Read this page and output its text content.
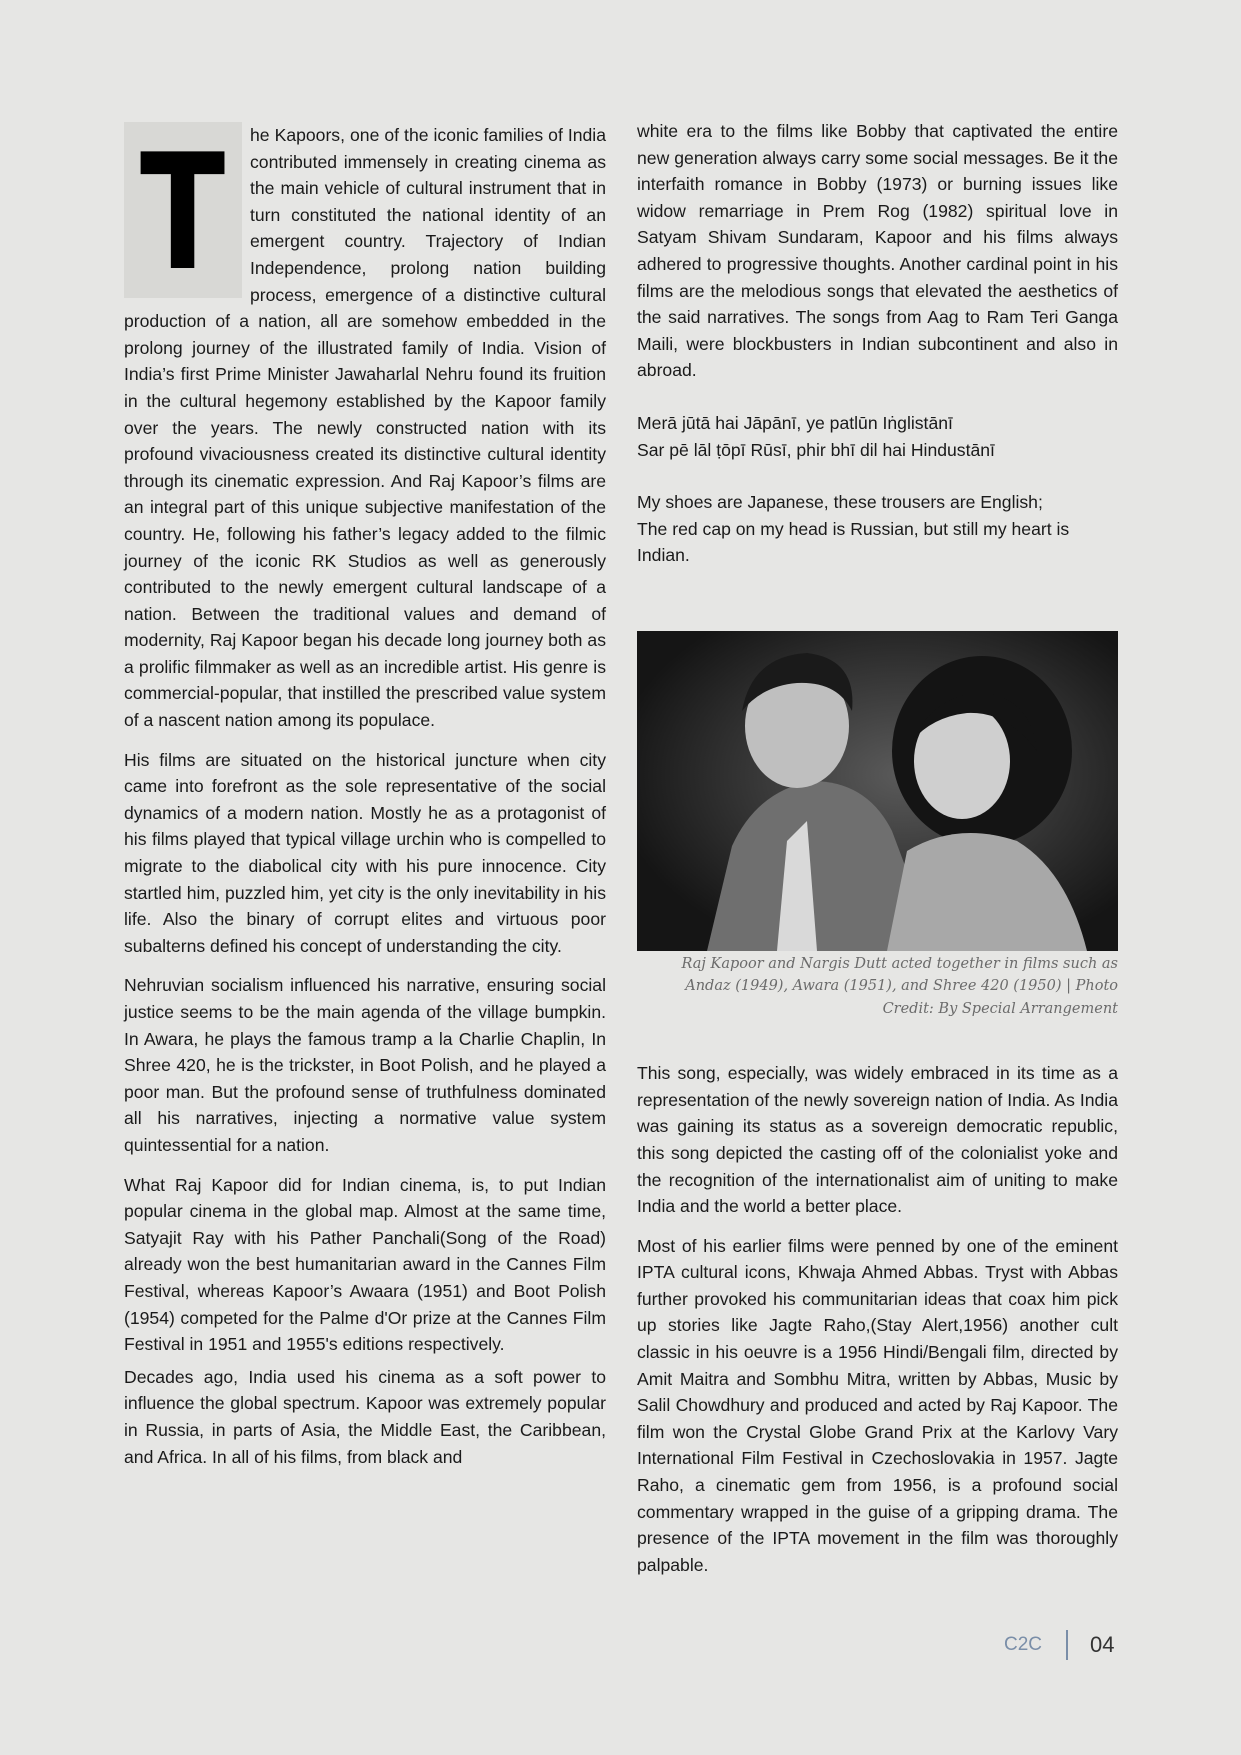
T	he Kapoors, one of the iconic families of India contributed immensely in creating cinema as the main vehicle of cultural instrument that in turn constituted the national identity of an emergent country. Trajectory of Indian Independence, prolong nation building process, emergence of a distinctive cultural production of a nation, all are somehow embedded in the prolong journey of the illustrated family of India. Vision of India’s first Prime Minister Jawaharlal Nehru found its fruition in the cultural hegemony established by the Kapoor family over the years. The newly constructed nation with its profound vivaciousness created its distinctive cultural identity through its cinematic expression. And Raj Kapoor’s films are an integral part of this unique subjective manifestation of the country. He, following his father’s legacy added to the filmic journey of the iconic RK Studios as well as generously contributed to the newly emergent cultural landscape of a nation. Between the traditional values and demand of modernity, Raj Kapoor began his decade long journey both as a prolific filmmaker as well as an incredible artist. His genre is commercial-popular, that instilled the prescribed value system of a nascent nation among its populace.

His films are situated on the historical juncture when city came into forefront as the sole representative of the social dynamics of a modern nation. Mostly he as a protagonist of his films played that typical village urchin who is compelled to migrate to the diabolical city with his pure innocence. City startled him, puzzled him, yet city is the only inevitability in his life. Also the binary of corrupt elites and virtuous poor subalterns defined his concept of understanding the city.

Nehruvian socialism influenced his narrative, ensuring social justice seems to be the main agenda of the village bumpkin. In Awara, he plays the famous tramp a la Charlie Chaplin, In Shree 420, he is the trickster, in Boot Polish, and he played a poor man. But the profound sense of truthfulness dominated all his narratives, injecting a normative value system quintessential for a nation.

What Raj Kapoor did for Indian cinema, is, to put Indian popular cinema in the global map. Almost at the same time, Satyajit Ray with his Pather Panchali(Song of the Road) already won the best humanitarian award in the Cannes Film Festival, whereas Kapoor’s Awaara (1951) and Boot Polish (1954) competed for the Palme d'Or prize at the Cannes Film Festival in 1951 and 1955's editions respectively.

Decades ago, India used his cinema as a soft power to influence the global spectrum. Kapoor was extremely popular in Russia, in parts of Asia, the Middle East, the Caribbean, and Africa. In all of his films, from black and

white era to the films like Bobby that captivated the entire new generation always carry some social messages. Be it the interfaith romance in Bobby (1973) or burning issues like widow remarriage in Prem Rog (1982) spiritual love in Satyam Shivam Sundaram, Kapoor and his films always adhered to progressive thoughts. Another cardinal point in his films are the melodious songs that elevated the aesthetics of the said narratives. The songs from Aag to Ram Teri Ganga Maili, were blockbusters in Indian subcontinent and also in abroad.

Merā jūtā hai Jāpānī, ye patlūn Iṅglistānī
Sar pē lāl ṭōpī Rūsī, phir bhī dil hai Hindustānī
My shoes are Japanese, these trousers are English;
The red cap on my head is Russian, but still my heart is Indian.
Raj Kapoor and Nargis Dutt acted together in films such as Andaz (1949), Awara (1951), and Shree 420 (1950) | Photo Credit: By Special Arrangement

This song, especially, was widely embraced in its time as a representation of the newly sovereign nation of India. As India was gaining its status as a sovereign democratic republic, this song depicted the casting off of the colonialist yoke and the recognition of the internationalist aim of uniting to make India and the world a better place.

Most of his earlier films were penned by one of the eminent IPTA cultural icons, Khwaja Ahmed Abbas. Tryst with Abbas further provoked his communitarian ideas that coax him pick up stories like Jagte Raho,(Stay Alert,1956) another cult classic in his oeuvre is a 1956 Hindi/Bengali film, directed by Amit Maitra and Sombhu Mitra, written by Abbas, Music by Salil Chowdhury and produced and acted by Raj Kapoor. The film won the Crystal Globe Grand Prix at the Karlovy Vary International Film Festival in Czechoslovakia in 1957. Jagte Raho, a cinematic gem from 1956, is a profound social commentary wrapped in the guise of a gripping drama. The presence of the IPTA movement in the film was thoroughly palpable.

C2C 04
